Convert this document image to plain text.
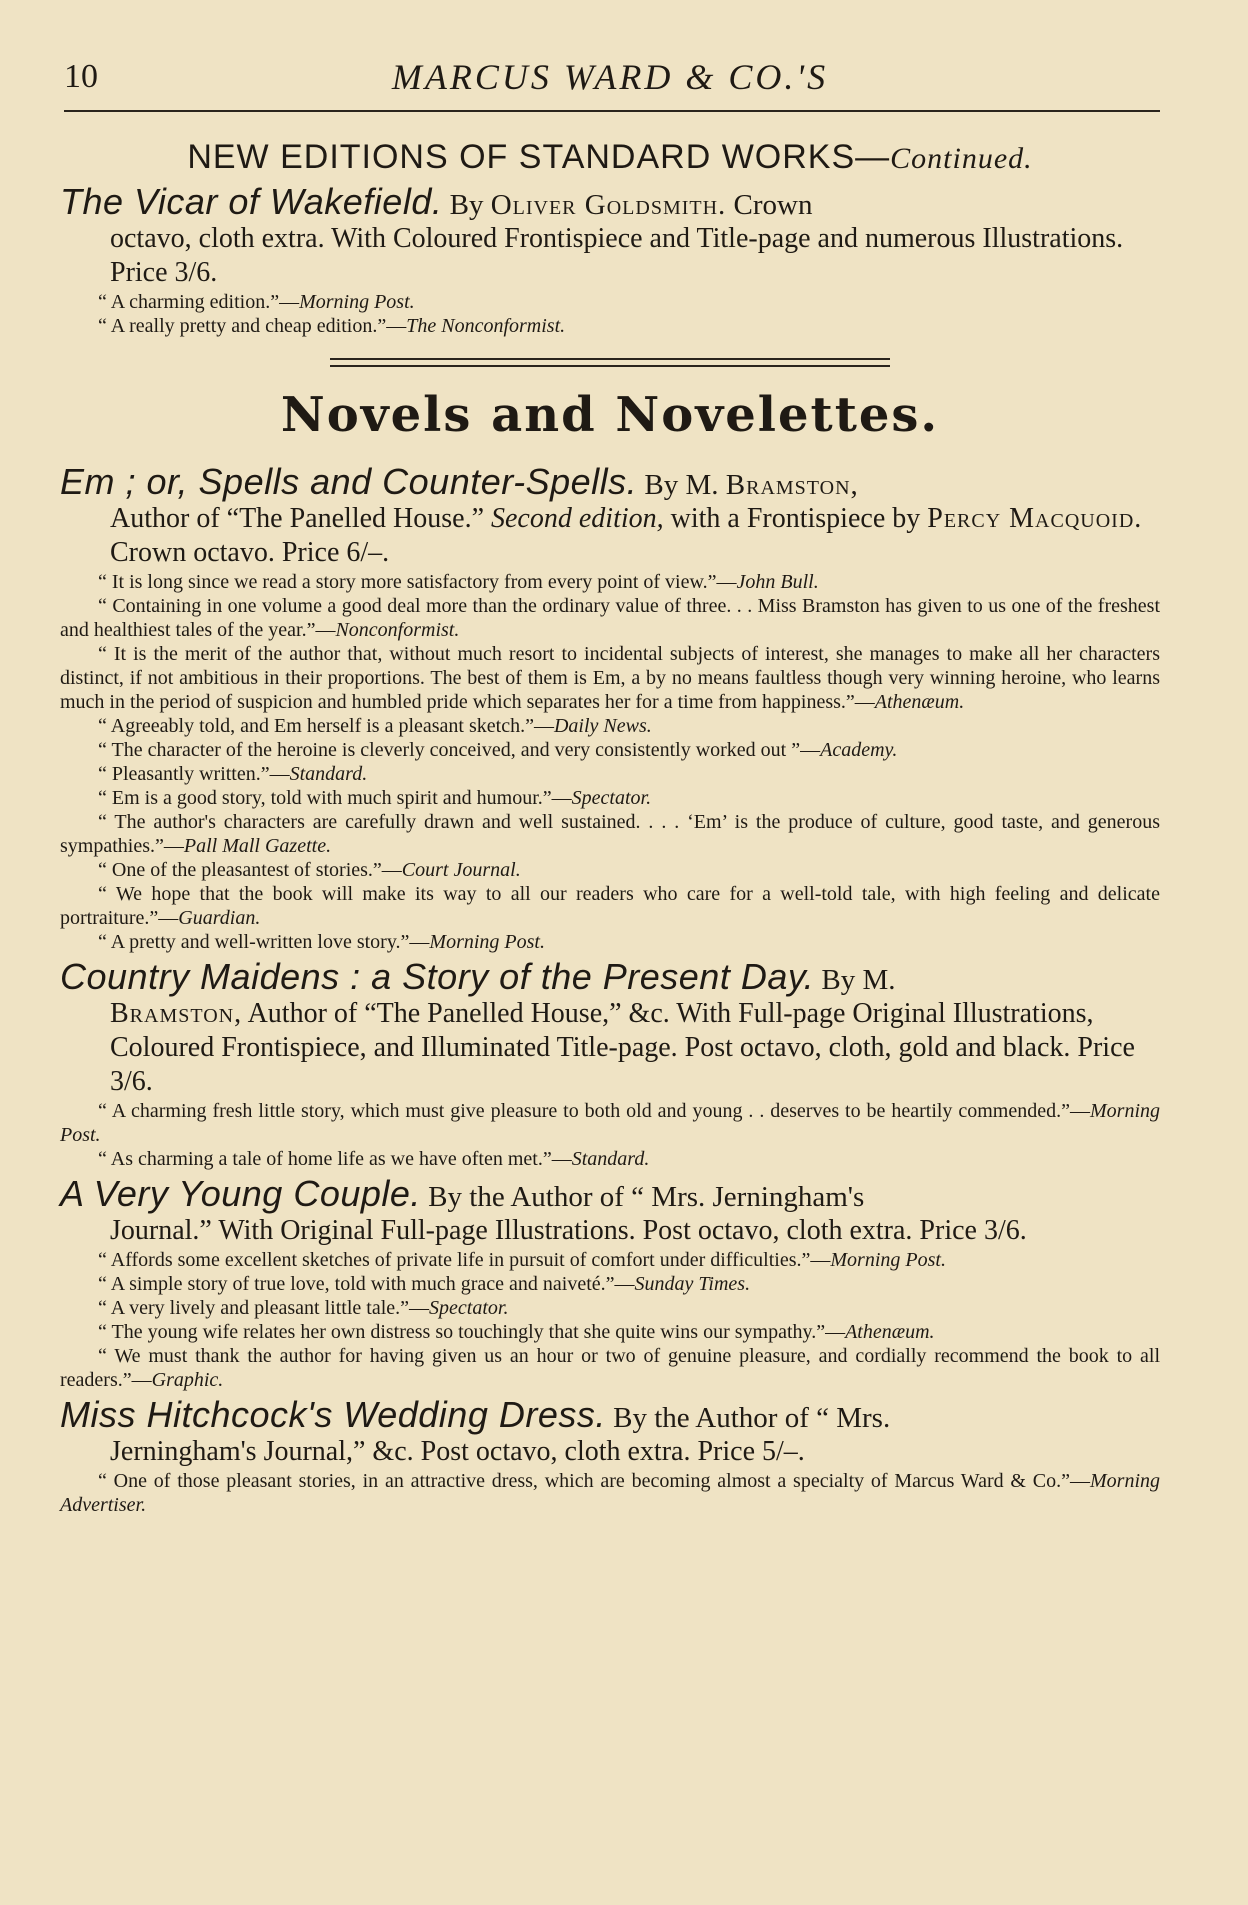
10	MARCUS WARD & CO.'S
NEW EDITIONS OF STANDARD WORKS—Continued.

The Vicar of Wakefield. By Oliver Goldsmith. Crown

octavo, cloth extra. With Coloured Frontispiece and Title-page and numerous Illustrations. Price 3/6.

“ A charming edition.”—Morning Post.

“ A really pretty and cheap edition.”—The Nonconformist.

Novels and Novelettes.

Em ; or, Spells and Counter-Spells. By M. Bramston,

Author of “The Panelled House.” Second edition, with a Frontispiece by Percy Macquoid. Crown octavo. Price 6/–.

“ It is long since we read a story more satisfactory from every point of view.”—John Bull.

“ Containing in one volume a good deal more than the ordinary value of three. . . Miss Bramston has given to us one of the freshest and healthiest tales of the year.”—Nonconformist.

“ It is the merit of the author that, without much resort to incidental subjects of interest, she manages to make all her characters distinct, if not ambitious in their proportions. The best of them is Em, a by no means faultless though very winning heroine, who learns much in the period of suspicion and humbled pride which separates her for a time from happiness.”—Athenæum.

“ Agreeably told, and Em herself is a pleasant sketch.”—Daily News.

“ The character of the heroine is cleverly conceived, and very consistently worked out ”—Academy.

“ Pleasantly written.”—Standard.

“ Em is a good story, told with much spirit and humour.”—Spectator.

“ The author's characters are carefully drawn and well sustained. . . . ‘Em’ is the produce of culture, good taste, and generous sympathies.”—Pall Mall Gazette.

“ One of the pleasantest of stories.”—Court Journal.

“ We hope that the book will make its way to all our readers who care for a well-told tale, with high feeling and delicate portraiture.”—Guardian.

“ A pretty and well-written love story.”—Morning Post.

Country Maidens : a Story of the Present Day. By M.

Bramston, Author of “The Panelled House,” &c. With Full-page Original Illustrations, Coloured Frontispiece, and Illuminated Title-page. Post octavo, cloth, gold and black. Price 3/6.

“ A charming fresh little story, which must give pleasure to both old and young . . deserves to be heartily commended.”—Morning Post.

“ As charming a tale of home life as we have often met.”—Standard.

A Very Young Couple. By the Author of “ Mrs. Jerningham's

Journal.” With Original Full-page Illustrations. Post octavo, cloth extra. Price 3/6.

“ Affords some excellent sketches of private life in pursuit of comfort under difficulties.”—Morning Post.

“ A simple story of true love, told with much grace and naiveté.”—Sunday Times.

“ A very lively and pleasant little tale.”—Spectator.

“ The young wife relates her own distress so touchingly that she quite wins our sympathy.”—Athenæum.

“ We must thank the author for having given us an hour or two of genuine pleasure, and cordially recommend the book to all readers.”—Graphic.

Miss Hitchcock's Wedding Dress. By the Author of “ Mrs.

Jerningham's Journal,” &c. Post octavo, cloth extra. Price 5/–.

“ One of those pleasant stories, in an attractive dress, which are becoming almost a specialty of Marcus Ward & Co.”—Morning Advertiser.
